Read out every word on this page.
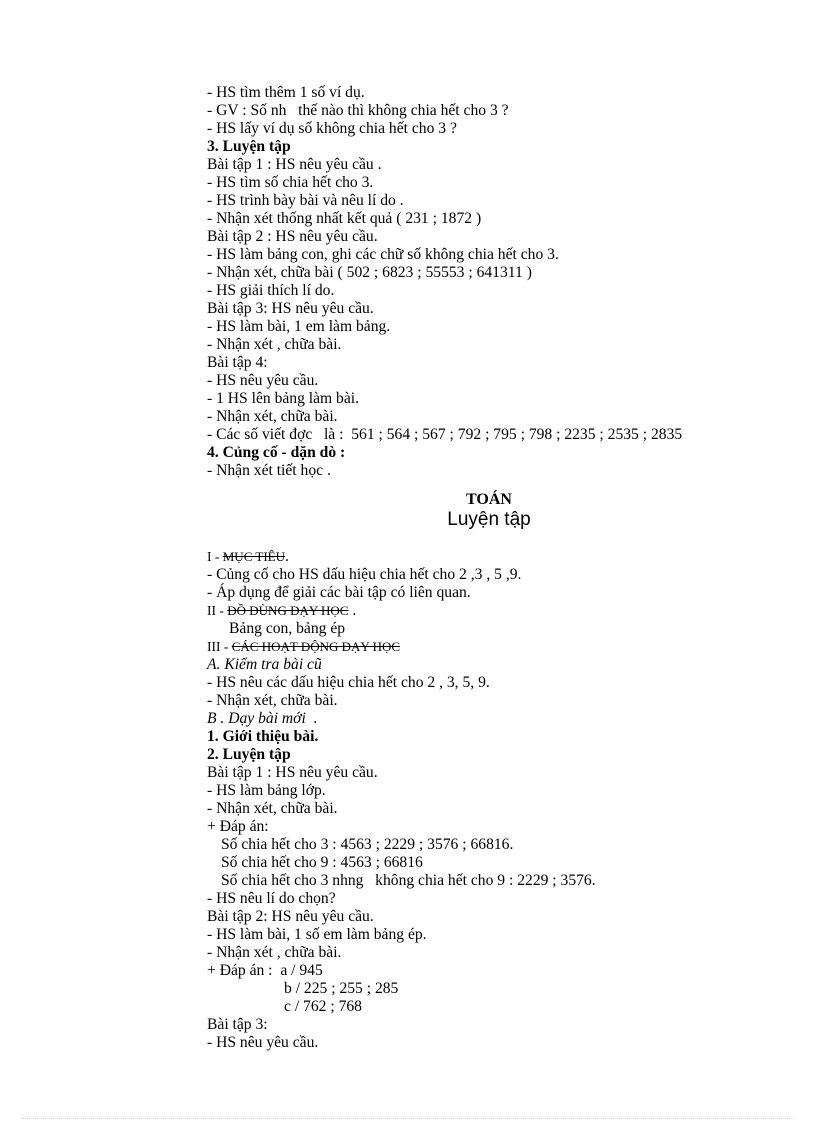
- HS tìm thêm 1 số ví dụ.
- GV : Số nh   thế nào thì không chia hết cho 3 ?
- HS lấy ví dụ số không chia hết cho 3 ?
3. Luyện tập
Bài tập 1 : HS nêu yêu cầu .
- HS tìm số chia hết cho 3.
- HS trình bày bài và nêu lí do .
- Nhận xét thống nhất kết quả ( 231 ; 1872 )
Bài tập 2 : HS nêu yêu cầu.
- HS làm bảng con, ghi các chữ số không chia hết cho 3.
- Nhận xét, chữa bài ( 502 ; 6823 ; 55553 ; 641311 )
- HS giải thích lí do.
Bài tập 3: HS nêu yêu cầu.
- HS làm bài, 1 em làm bảng.
- Nhận xét , chữa bài.
Bài tập 4:
- HS nêu yêu cầu.
- 1 HS lên bảng làm bài.
- Nhận xét, chữa bài.
- Các số viết đợc   là :  561 ; 564 ; 567 ; 792 ; 795 ; 798 ; 2235 ; 2535 ; 2835
4. Củng cố - dặn dò :
- Nhận xét tiết học .
TOÁN
Luyện tập
I - MỤC TIÊU.
- Củng cố cho HS dấu hiệu chia hết cho 2 ,3 , 5 ,9.
- Áp dụng để giải các bài tập có liên quan.
II - ĐỒ DÙNG DẠY HỌC .
Bảng con, bảng ép
III - CÁC HOẠT ĐỘNG DẠY HỌC
A. Kiểm tra bài cũ
- HS nêu các dấu hiệu chia hết cho 2 , 3, 5, 9.
- Nhận xét, chữa bài.
B . Dạy bài mới  .
1. Giới thiệu bài.
2. Luyện tập
Bài tập 1 : HS nêu yêu cầu.
- HS làm bảng lớp.
- Nhận xét, chữa bài.
+ Đáp án:
Số chia hết cho 3 : 4563 ; 2229 ; 3576 ; 66816.
Số chia hết cho 9 : 4563 ; 66816
Số chia hết cho 3 nhng   không chia hết cho 9 : 2229 ; 3576.
- HS nêu lí do chọn?
Bài tập 2: HS nêu yêu cầu.
- HS làm bài, 1 số em làm bảng ép.
- Nhận xét , chữa bài.
+ Đáp án :  a / 945
b / 225 ; 255 ; 285
c / 762 ; 768
Bài tập 3:
- HS nêu yêu cầu.
